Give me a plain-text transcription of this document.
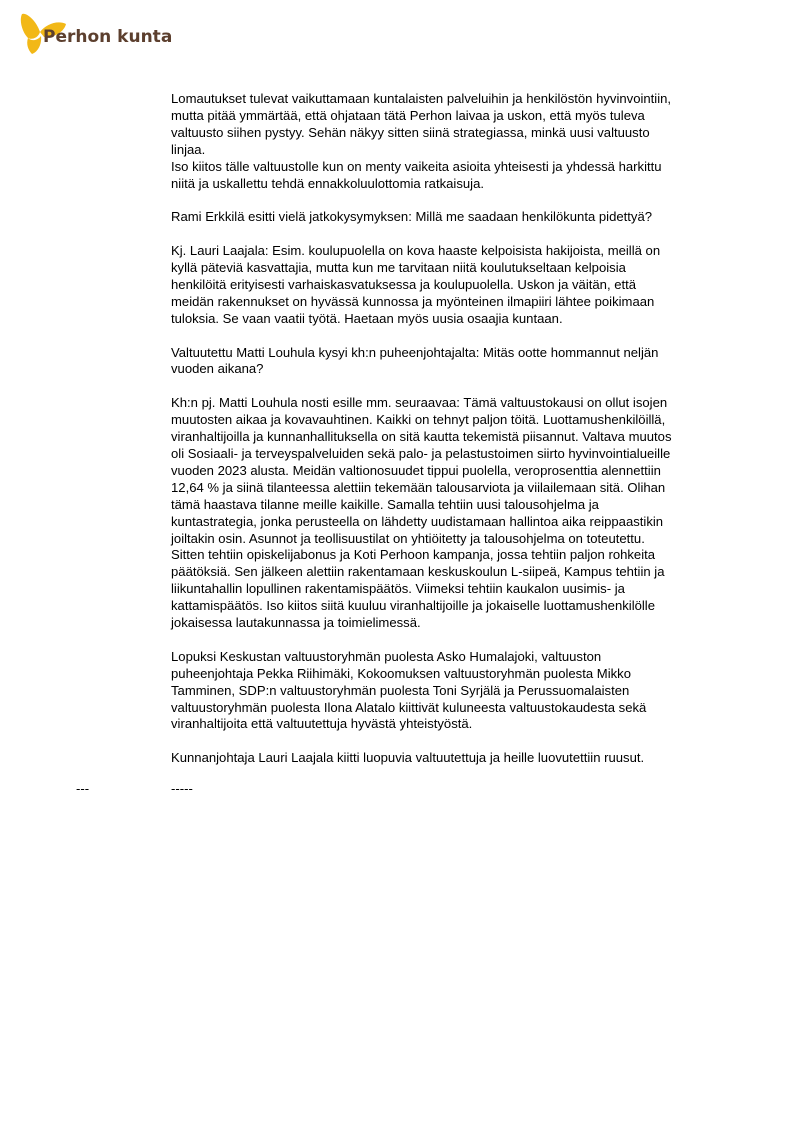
Perhon kunta
Lomautukset tulevat vaikuttamaan kuntalaisten palveluihin ja henkilöstön hyvinvointiin,
mutta pitää ymmärtää, että ohjataan tätä Perhon laivaa ja uskon, että myös tuleva
valtuusto siihen pystyy. Sehän näkyy sitten siinä strategiassa, minkä uusi valtuusto
linjaa.
Iso kiitos tälle valtuustolle kun on menty vaikeita asioita yhteisesti ja yhdessä harkittu
niitä ja uskallettu tehdä ennakkoluulottomia ratkaisuja.
Rami Erkkilä esitti vielä jatkokysymyksen: Millä me saadaan henkilökunta pidettyä?
Kj. Lauri Laajala: Esim. koulupuolella on kova haaste kelpoisista hakijoista, meillä on
kyllä päteviä kasvattajia, mutta kun me tarvitaan niitä koulutukseltaan kelpoisia
henkilöitä erityisesti varhaiskasvatuksessa ja koulupuolella. Uskon ja väitän, että
meidän rakennukset on hyvässä kunnossa ja myönteinen ilmapiiri lähtee poikimaan
tuloksia. Se vaan vaatii työtä. Haetaan myös uusia osaajia kuntaan.
Valtuutettu Matti Louhula kysyi kh:n puheenjohtajalta: Mitäs ootte hommannut neljän
vuoden aikana?
Kh:n pj. Matti Louhula nosti esille mm. seuraavaa: Tämä valtuustokausi on ollut isojen
muutosten aikaa ja kovavauhtinen. Kaikki on tehnyt paljon töitä. Luottamushenkilöillä,
viranhaltijoilla ja kunnanhallituksella on sitä kautta tekemistä piisannut. Valtava muutos
oli Sosiaali- ja terveyspalveluiden sekä palo- ja pelastustoimen siirto hyvinvointialueille
vuoden 2023 alusta. Meidän valtionosuudet tippui puolella, veroprosenttia alennettiin
12,64 % ja siinä tilanteessa alettiin tekemään talousarviota ja viilailemaan sitä. Olihan
tämä haastava tilanne meille kaikille. Samalla tehtiin uusi talousohjelma ja
kuntastrategia, jonka perusteella on lähdetty uudistamaan hallintoa aika reippaastikin
joiltakin osin. Asunnot ja teollisuustilat on yhtiöitetty ja talousohjelma on toteutettu.
Sitten tehtiin opiskelijabonus ja Koti Perhoon kampanja, jossa tehtiin paljon rohkeita
päätöksiä. Sen jälkeen alettiin rakentamaan keskuskoulun L-siipeä, Kampus tehtiin ja
liikuntahallin lopullinen rakentamispäätös. Viimeksi tehtiin kaukalon uusimis- ja
kattamispäätös. Iso kiitos siitä kuuluu viranhaltijoille ja jokaiselle luottamushenkilölle
jokaisessa lautakunnassa ja toimielimessä.
Lopuksi Keskustan valtuustoryhmän puolesta Asko Humalajoki, valtuuston
puheenjohtaja Pekka Riihimäki, Kokoomuksen valtuustoryhmän puolesta Mikko
Tamminen, SDP:n valtuustoryhmän puolesta Toni Syrjälä ja Perussuomalaisten
valtuustoryhmän puolesta Ilona Alatalo kiittivät kuluneesta valtuustokaudesta sekä
viranhaltijoita että valtuutettuja hyvästä yhteistyöstä.
Kunnanjohtaja Lauri Laajala kiitti luopuvia valtuutettuja ja heille luovutettiin ruusut.
---	-----
